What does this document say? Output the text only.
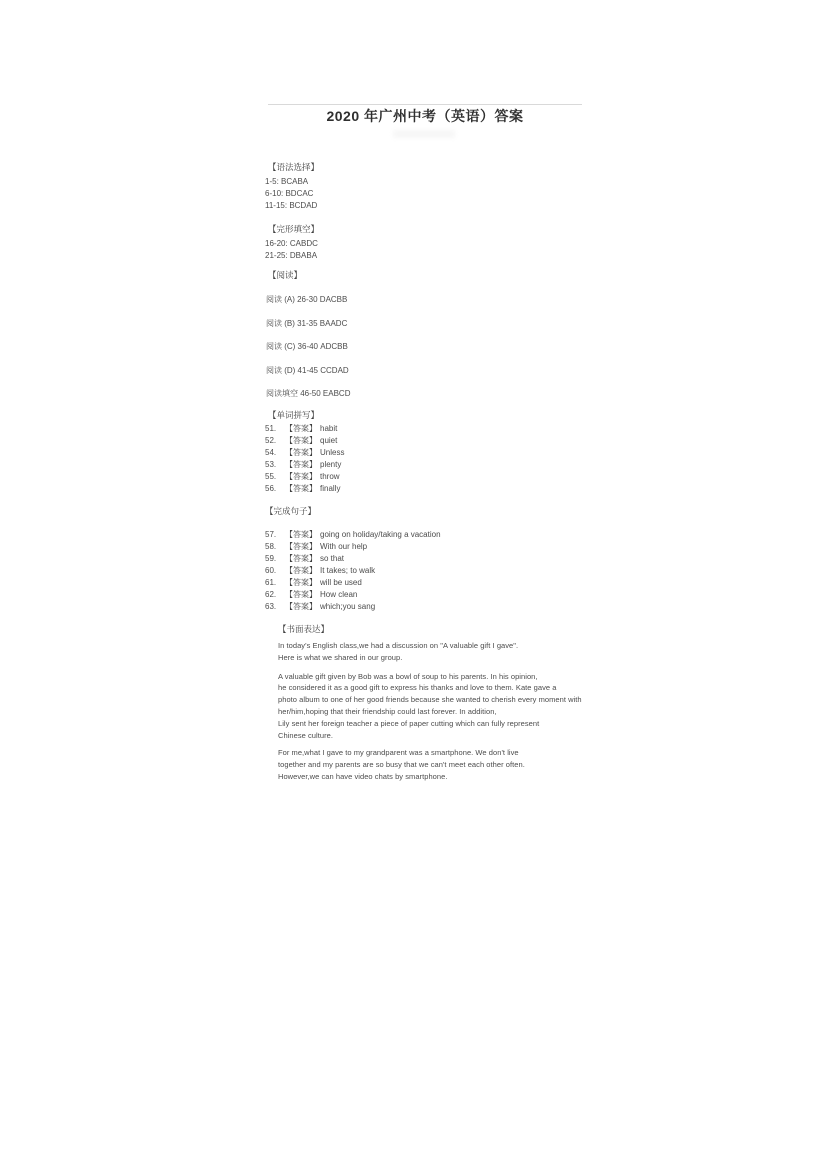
2020 年广州中考（英语）答案
【语法选择】
1-5: BCABA
6-10: BDCAC
11-15: BCDAD
【完形填空】
16-20: CABDC
21-25: DBABA
【阅读】
阅读 (A) 26-30 DACBB
阅读 (B) 31-35 BAADC
阅读 (C) 36-40 ADCBB
阅读 (D) 41-45 CCDAD
阅读填空 46-50 EABCD
【单词拼写】
51.	【答案】 habit
52.	【答案】 quiet
54.	【答案】 Unless
53.	【答案】 plenty
55.	【答案】 throw
56.	【答案】 finally
【完成句子】
57.	【答案】 going on holiday/taking a vacation
58.	【答案】 With our help
59.	【答案】 so that
60.	【答案】 It takes; to walk
61.	【答案】 will be used
62.	【答案】 How clean
63.	【答案】 which;you sang
【书面表达】
In today's English class,we had a discussion on "A valuable gift I gave".
Here is what we shared in our group.
A valuable gift given by Bob was a bowl of soup to his parents. In his opinion,
he considered it as a good gift to express his thanks and love to them. Kate gave a
photo album to one of her good friends because she wanted to cherish every moment with
her/him,hoping that their friendship could last forever. In addition,
Lily sent her foreign teacher a piece of paper cutting which can fully represent
Chinese culture.
For me,what I gave to my grandparent was a smartphone. We don't live
together and my parents are so busy that we can't meet each other often.
However,we can have video chats by smartphone.
